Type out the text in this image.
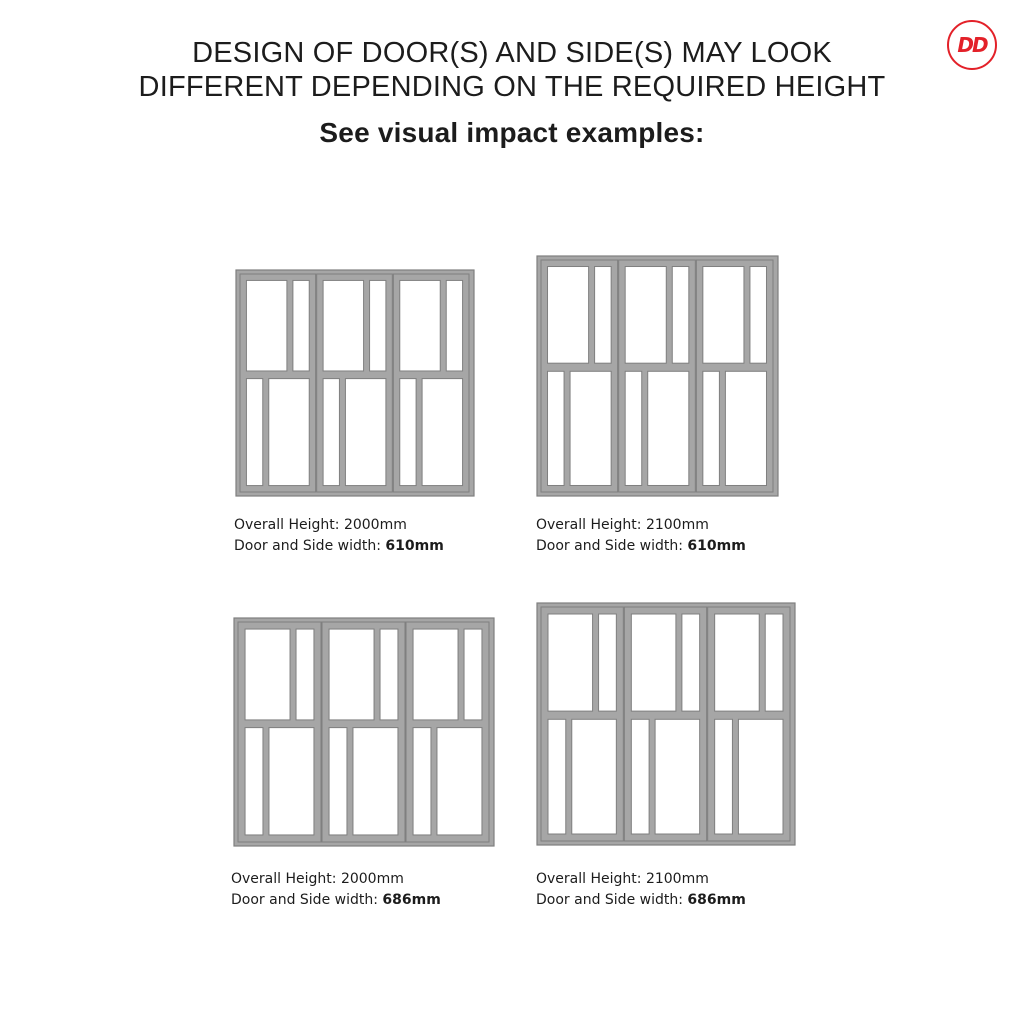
DESIGN OF DOOR(S) AND SIDE(S) MAY LOOK
DIFFERENT DEPENDING ON THE REQUIRED HEIGHT
See visual impact examples:
DD
Overall Height: 2000mm
Door and Side width: 610mm
Overall Height: 2100mm
Door and Side width: 610mm
Overall Height: 2000mm
Door and Side width: 686mm
Overall Height: 2100mm
Door and Side width: 686mm
